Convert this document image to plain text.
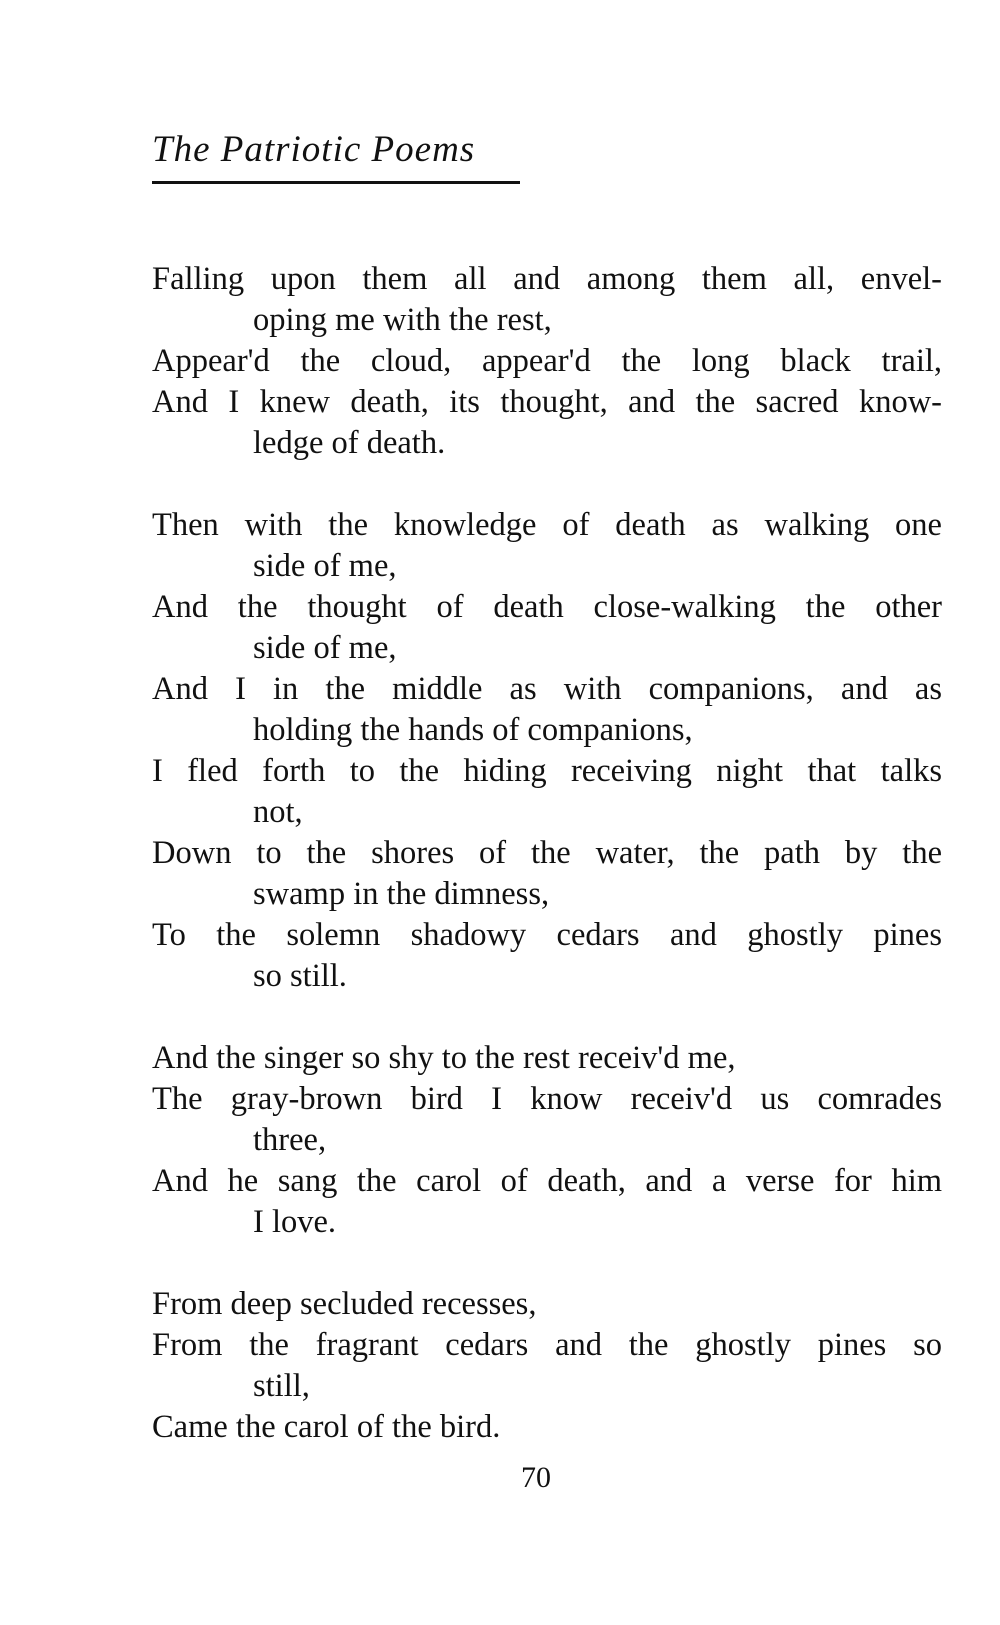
The Patriotic Poems

Falling upon them all and among them all, envel-
oping me with the rest,
Appear'd the cloud, appear'd the long black trail,
And I knew death, its thought, and the sacred know-
ledge of death.

Then with the knowledge of death as walking one
side of me,
And the thought of death close-walking the other
side of me,
And I in the middle as with companions, and as
holding the hands of companions,
I fled forth to the hiding receiving night that talks
not,
Down to the shores of the water, the path by the
swamp in the dimness,
To the solemn shadowy cedars and ghostly pines
so still.

And the singer so shy to the rest receiv'd me,
The gray-brown bird I know receiv'd us comrades
three,
And he sang the carol of death, and a verse for him
I love.

From deep secluded recesses,
From the fragrant cedars and the ghostly pines so
still,
Came the carol of the bird.

70
